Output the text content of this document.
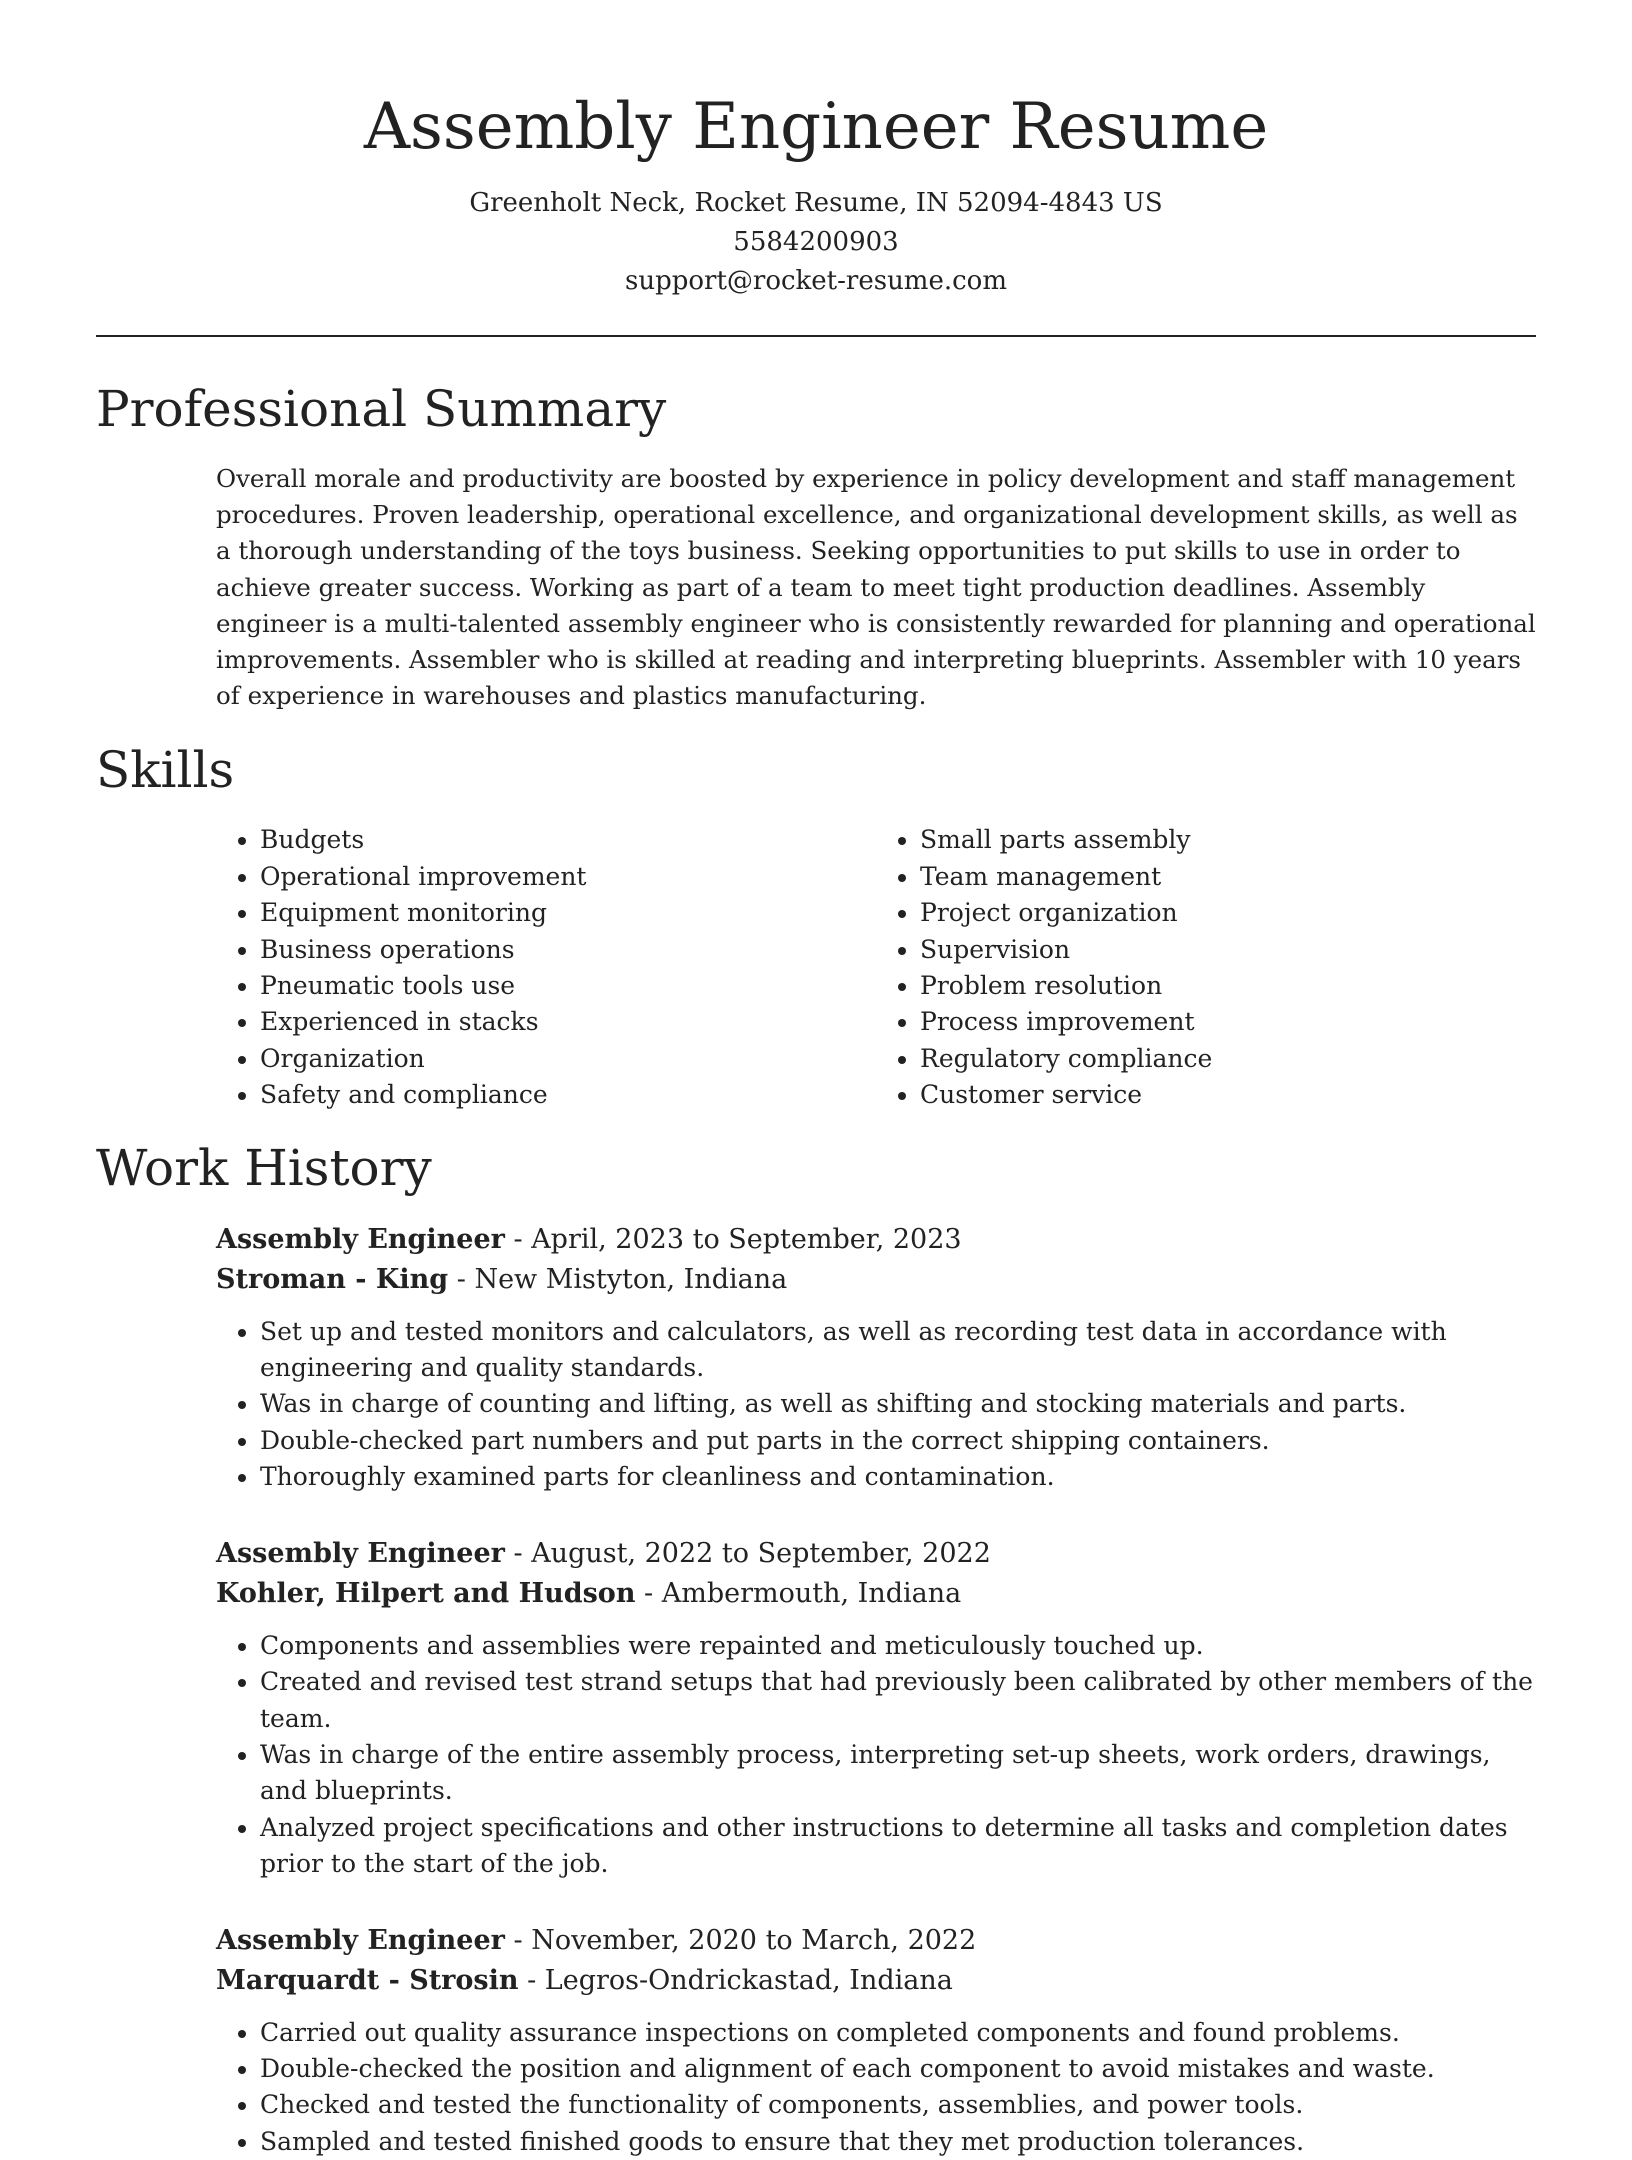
Assembly Engineer Resume
Greenholt Neck, Rocket Resume, IN 52094-4843 US
5584200903
support@rocket-resume.com
Professional Summary

Overall morale and productivity are boosted by experience in policy development and staff management procedures. Proven leadership, operational excellence, and organizational development skills, as well as a thorough understanding of the toys business. Seeking opportunities to put skills to use in order to achieve greater success. Working as part of a team to meet tight production deadlines. Assembly engineer is a multi-talented assembly engineer who is consistently rewarded for planning and operational improvements. Assembler who is skilled at reading and interpreting blueprints. Assembler with 10 years of experience in warehouses and plastics manufacturing.

Skills
• Budgets
• Operational improvement
• Equipment monitoring
• Business operations
• Pneumatic tools use
• Experienced in stacks
• Organization
• Safety and compliance
• Small parts assembly
• Team management
• Project organization
• Supervision
• Problem resolution
• Process improvement
• Regulatory compliance
• Customer service
Work History
Assembly Engineer - April, 2023 to September, 2023
Stroman - King - New Mistyton, Indiana
• Set up and tested monitors and calculators, as well as recording test data in accordance with engineering and quality standards.
• Was in charge of counting and lifting, as well as shifting and stocking materials and parts.
• Double-checked part numbers and put parts in the correct shipping containers.
• Thoroughly examined parts for cleanliness and contamination.
Assembly Engineer - August, 2022 to September, 2022
Kohler, Hilpert and Hudson - Ambermouth, Indiana
• Components and assemblies were repainted and meticulously touched up.
• Created and revised test strand setups that had previously been calibrated by other members of the team.
• Was in charge of the entire assembly process, interpreting set-up sheets, work orders, drawings, and blueprints.
• Analyzed project specifications and other instructions to determine all tasks and completion dates prior to the start of the job.
Assembly Engineer - November, 2020 to March, 2022
Marquardt - Strosin - Legros-Ondrickastad, Indiana
• Carried out quality assurance inspections on completed components and found problems.
• Double-checked the position and alignment of each component to avoid mistakes and waste.
• Checked and tested the functionality of components, assemblies, and power tools.
• Sampled and tested finished goods to ensure that they met production tolerances.
